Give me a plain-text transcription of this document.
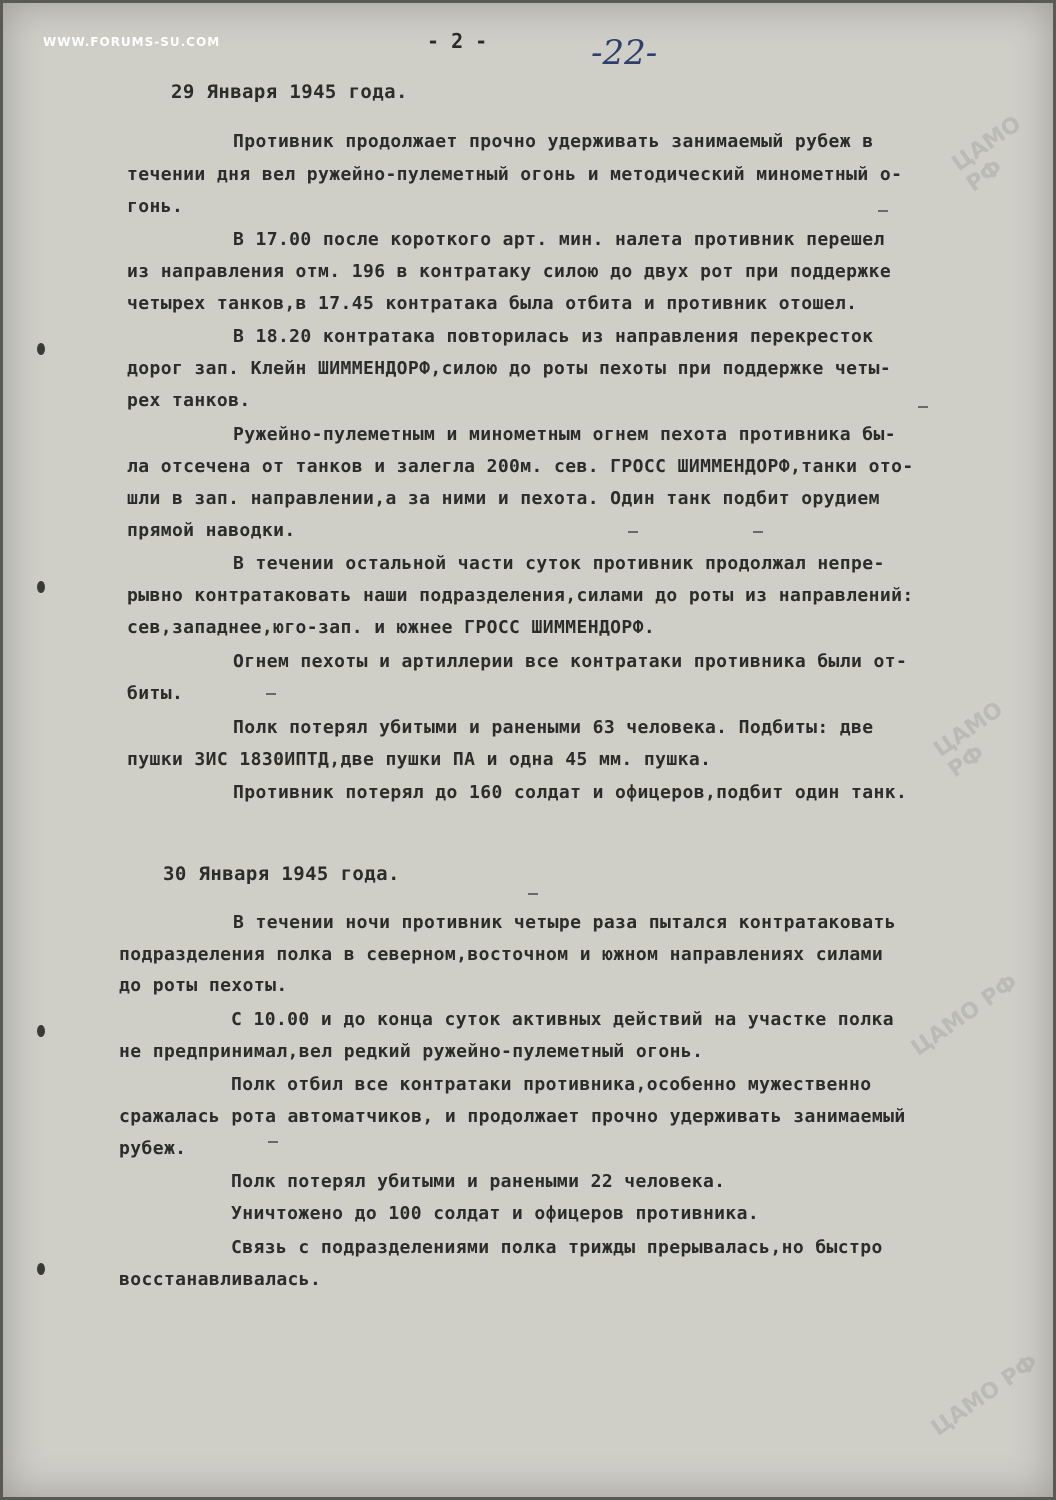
WWW.FORUMS-SU.COM	- 2 -	-22-
ЦАМО РФ
ЦАМО РФ
ЦАМО РФ
ЦАМО РФ
29 Января 1945 года.
Противник продолжает прочно удерживать занимаемый рубеж в
течении дня вел ружейно-пулеметный огонь и методический минометный о-
гонь.
В 17.00 после короткого арт. мин. налета противник перешел
из направления отм. 196 в контратаку силою до двух рот при поддержке
четырех танков,в 17.45 контратака была отбита и противник отошел.
В 18.20 контратака повторилась из направления перекресток
дорог зап. Клейн ШИММЕНДОРФ,силою до роты пехоты при поддержке четы-
рех танков.
Ружейно-пулеметным и минометным огнем пехота противника бы-
ла отсечена от танков и залегла 200м. сев. ГРОСС ШИММЕНДОРФ,танки ото-
шли в зап. направлении,а за ними и пехота. Один танк подбит орудием
прямой наводки.
В течении остальной части суток противник продолжал непре-
рывно контратаковать наши подразделения,силами до роты из направлений:
сев,западнее,юго-зап. и южнее ГРОСС ШИММЕНДОРФ.
Огнем пехоты и артиллерии все контратаки противника были от-
биты.
Полк потерял убитыми и ранеными 63 человека. Подбиты: две
пушки ЗИС 1830ИПТД,две пушки ПА и одна 45 мм. пушка.
Противник потерял до 160 солдат и офицеров,подбит один танк.
30 Января 1945 года.
В течении ночи противник четыре раза пытался контратаковать
подразделения полка в северном,восточном и южном направлениях силами
до роты пехоты.
С 10.00 и до конца суток активных действий на участке полка
не предпринимал,вел редкий ружейно-пулеметный огонь.
Полк отбил все контратаки противника,особенно мужественно
сражалась рота автоматчиков, и продолжает прочно удерживать занимаемый
рубеж.
Полк потерял убитыми и ранеными 22 человека.
Уничтожено до 100 солдат и офицеров противника.
Связь с подразделениями полка трижды прерывалась,но быстро
восстанавливалась.
